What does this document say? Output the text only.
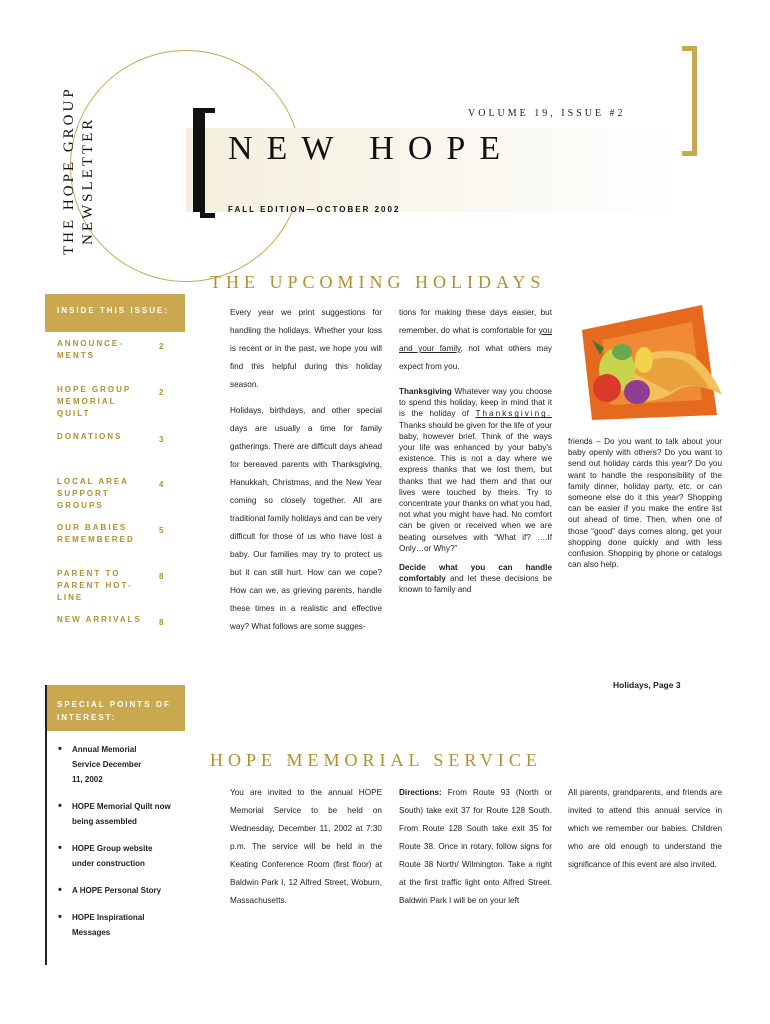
THE HOPE GROUP NEWSLETTER
VOLUME 19, ISSUE #2
NEW HOPE
FALL EDITION—OCTOBER 2002
INSIDE THIS ISSUE:
ANNOUNCE-MENTS
2
HOPE GROUP MEMORIAL QUILT
2
DONATIONS	3
LOCAL AREA SUPPORT GROUPS
4
OUR BABIES REMEMBERED
5
PARENT TO PARENT HOT-LINE
8
NEW ARRIVALS 8
SPECIAL POINTS OF INTEREST:
• Annual Memorial Service December 11, 2002
• HOPE Memorial Quilt now being assembled
• HOPE Group website under construction
• A HOPE Personal Story
• HOPE Inspirational Messages
THE UPCOMING HOLIDAYS

Every year we print suggestions for handling the holidays. Whether your loss is recent or in the past, we hope you will find this helpful during this holiday season.

Holidays, birthdays, and other special days are usually a time for family gatherings. There are difficult days ahead for bereaved parents with Thanksgiving, Hanukkah, Christmas, and the New Year coming so closely together. All are traditional family holidays and can be very difficult for those of us who have lost a baby. Our families may try to protect us but it can still hurt. How can we cope? How can we, as grieving parents, handle these times in a realistic and effective way? What follows are some sugges-

tions for making these days easier, but remember, do what is comfortable for you and your family, not what others may expect from you.

Thanksgiving Whatever way you choose to spend this holiday, keep in mind that it is the holiday of Thanksgiving. Thanks should be given for the life of your baby, however brief. Think of the ways your life was enhanced by your baby's existence. This is not a day where we express thanks that we lost them, but thanks that we had them and that our lives were touched by theirs. Try to concentrate your thanks on what you had, not what you might have had. No comfort can be given or received when we are beating ourselves with “What if? ….If Only…or Why?”

Decide what you can handle comfortably and let these decisions be known to family and

friends – Do you want to talk about your baby openly with others? Do you want to send out holiday cards this year? Do you want to handle the responsibility of the family dinner, holiday party, etc. or can someone else do it this year? Shopping can be easier if you make the entire list out ahead of time. Then, when one of those “good” days comes along, get your shopping done quickly and with less confusion. Shopping by phone or catalogs can also help.

Holidays, Page 3
HOPE MEMORIAL SERVICE

You are invited to the annual HOPE Memorial Service to be held on Wednesday, December 11, 2002 at 7:30 p.m. The service will be held in the Keating Conference Room (first floor) at Baldwin Park I, 12 Alfred Street, Woburn, Massachusetts.

Directions: From Route 93 (North or South) take exit 37 for Route 128 South. From Route 128 South take exit 35 for Route 38. Once in rotary, follow signs for Route 38 North/ Wilmington. Take a right at the first traffic light onto Alfred Street. Baldwin Park I will be on your left

All parents, grandparents, and friends are invited to attend this annual service in which we remember our babies. Children who are old enough to understand the significance of this event are also invited.
